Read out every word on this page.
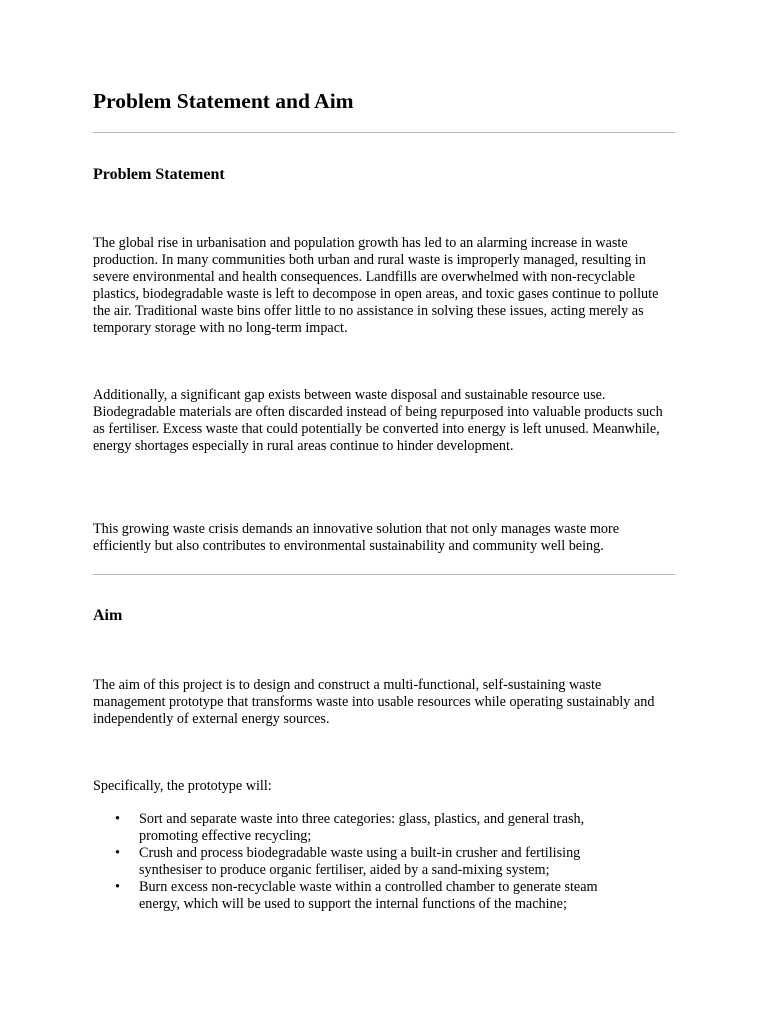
Problem Statement and Aim
Problem Statement

The global rise in urbanisation and population growth has led to an alarming increase in waste production. In many communities both urban and rural waste is improperly managed, resulting in severe environmental and health consequences. Landfills are overwhelmed with non-recyclable plastics, biodegradable waste is left to decompose in open areas, and toxic gases continue to pollute the air. Traditional waste bins offer little to no assistance in solving these issues, acting merely as temporary storage with no long-term impact.

Additionally, a significant gap exists between waste disposal and sustainable resource use. Biodegradable materials are often discarded instead of being repurposed into valuable products such as fertiliser. Excess waste that could potentially be converted into energy is left unused. Meanwhile, energy shortages especially in rural areas continue to hinder development.

This growing waste crisis demands an innovative solution that not only manages waste more efficiently but also contributes to environmental sustainability and community well being.

Aim

The aim of this project is to design and construct a multi-functional, self-sustaining waste management prototype that transforms waste into usable resources while operating sustainably and independently of external energy sources.

Specifically, the prototype will:

• Sort and separate waste into three categories: glass, plastics, and general trash, promoting effective recycling;
• Crush and process biodegradable waste using a built-in crusher and fertilising synthesiser to produce organic fertiliser, aided by a sand-mixing system;
• Burn excess non-recyclable waste within a controlled chamber to generate steam energy, which will be used to support the internal functions of the machine;
